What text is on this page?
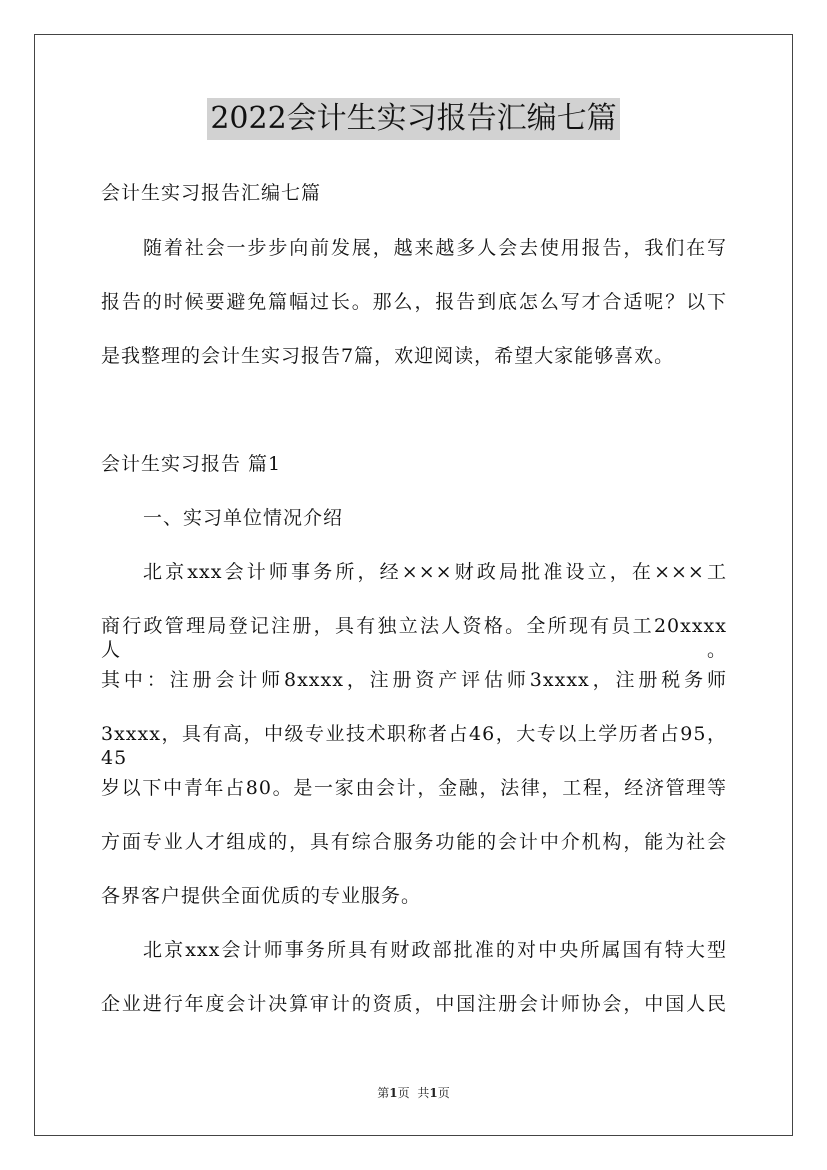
2022会计生实习报告汇编七篇
会计生实习报告汇编七篇
随着社会一步步向前发展，越来越多人会去使用报告，我们在写
报告的时候要避免篇幅过长。那么，报告到底怎么写才合适呢？以下
是我整理的会计生实习报告7篇，欢迎阅读，希望大家能够喜欢。
会计生实习报告 篇1
一、实习单位情况介绍
北京xxx会计师事务所，经×××财政局批准设立，在×××工
商行政管理局登记注册，具有独立法人资格。全所现有员工20xxxx人。
其中：注册会计师8xxxx，注册资产评估师3xxxx，注册税务师
3xxxx，具有高，中级专业技术职称者占46，大专以上学历者占95，45
岁以下中青年占80。是一家由会计，金融，法律，工程，经济管理等
方面专业人才组成的，具有综合服务功能的会计中介机构，能为社会
各界客户提供全面优质的专业服务。
北京xxx会计师事务所具有财政部批准的对中央所属国有特大型
企业进行年度会计决算审计的资质，中国注册会计师协会，中国人民
第1页 共1页
